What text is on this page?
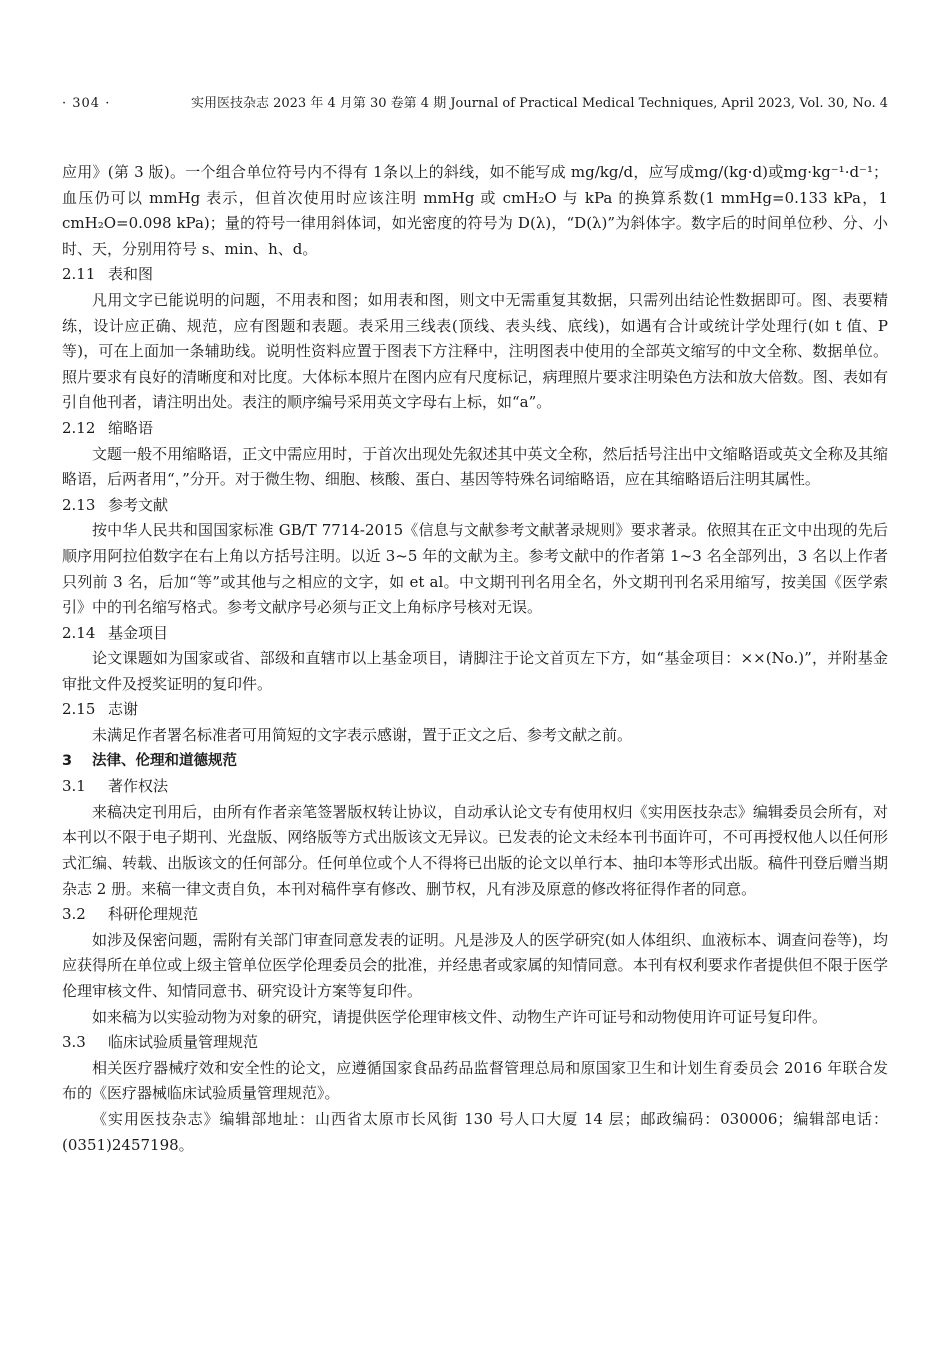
· 304 ·	实用医技杂志 2023 年 4 月第 30 卷第 4 期 Journal of Practical Medical Techniques, April 2023, Vol. 30, No. 4

应用》(第 3 版)。一个组合单位符号内不得有 1条以上的斜线，如不能写成 mg/kg/d，应写成mg/(kg·d)或mg·kg⁻¹·d⁻¹；血压仍可以 mmHg 表示，但首次使用时应该注明 mmHg 或 cmH₂O 与 kPa 的换算系数(1 mmHg=0.133 kPa，1 cmH₂O=0.098 kPa)；量的符号一律用斜体词，如光密度的符号为 D(λ)，“D(λ)”为斜体字。数字后的时间单位秒、分、小时、天，分别用符号 s、min、h、d。

2.11 表和图

凡用文字已能说明的问题，不用表和图；如用表和图，则文中无需重复其数据，只需列出结论性数据即可。图、表要精练，设计应正确、规范，应有图题和表题。表采用三线表(顶线、表头线、底线)，如遇有合计或统计学处理行(如 t 值、P 等)，可在上面加一条辅助线。说明性资料应置于图表下方注释中，注明图表中使用的全部英文缩写的中文全称、数据单位。照片要求有良好的清晰度和对比度。大体标本照片在图内应有尺度标记，病理照片要求注明染色方法和放大倍数。图、表如有引自他刊者，请注明出处。表注的顺序编号采用英文字母右上标，如“a”。

2.12 缩略语

文题一般不用缩略语，正文中需应用时，于首次出现处先叙述其中英文全称，然后括号注出中文缩略语或英文全称及其缩略语，后两者用“，”分开。对于微生物、细胞、核酸、蛋白、基因等特殊名词缩略语，应在其缩略语后注明其属性。

2.13 参考文献

按中华人民共和国国家标准 GB/T 7714-2015《信息与文献参考文献著录规则》要求著录。依照其在正文中出现的先后顺序用阿拉伯数字在右上角以方括号注明。以近 3~5 年的文献为主。参考文献中的作者第 1~3 名全部列出，3 名以上作者只列前 3 名，后加“等”或其他与之相应的文字，如 et al。中文期刊刊名用全名，外文期刊刊名采用缩写，按美国《医学索引》中的刊名缩写格式。参考文献序号必须与正文上角标序号核对无误。

2.14 基金项目

论文课题如为国家或省、部级和直辖市以上基金项目，请脚注于论文首页左下方，如“基金项目：××(No.)”，并附基金审批文件及授奖证明的复印件。

2.15 志谢

未满足作者署名标准者可用简短的文字表示感谢，置于正文之后、参考文献之前。

3 法律、伦理和道德规范

3.1 著作权法

来稿决定刊用后，由所有作者亲笔签署版权转让协议，自动承认论文专有使用权归《实用医技杂志》编辑委员会所有，对本刊以不限于电子期刊、光盘版、网络版等方式出版该文无异议。已发表的论文未经本刊书面许可，不可再授权他人以任何形式汇编、转载、出版该文的任何部分。任何单位或个人不得将已出版的论文以单行本、抽印本等形式出版。稿件刊登后赠当期杂志 2 册。来稿一律文责自负，本刊对稿件享有修改、删节权，凡有涉及原意的修改将征得作者的同意。

3.2 科研伦理规范

如涉及保密问题，需附有关部门审查同意发表的证明。凡是涉及人的医学研究(如人体组织、血液标本、调查问卷等)，均应获得所在单位或上级主管单位医学伦理委员会的批准，并经患者或家属的知情同意。本刊有权利要求作者提供但不限于医学伦理审核文件、知情同意书、研究设计方案等复印件。

如来稿为以实验动物为对象的研究，请提供医学伦理审核文件、动物生产许可证号和动物使用许可证号复印件。

3.3 临床试验质量管理规范

相关医疗器械疗效和安全性的论文，应遵循国家食品药品监督管理总局和原国家卫生和计划生育委员会 2016 年联合发布的《医疗器械临床试验质量管理规范》。

《实用医技杂志》编辑部地址：山西省太原市长风街 130 号人口大厦 14 层；邮政编码：030006；编辑部电话：(0351)2457198。
